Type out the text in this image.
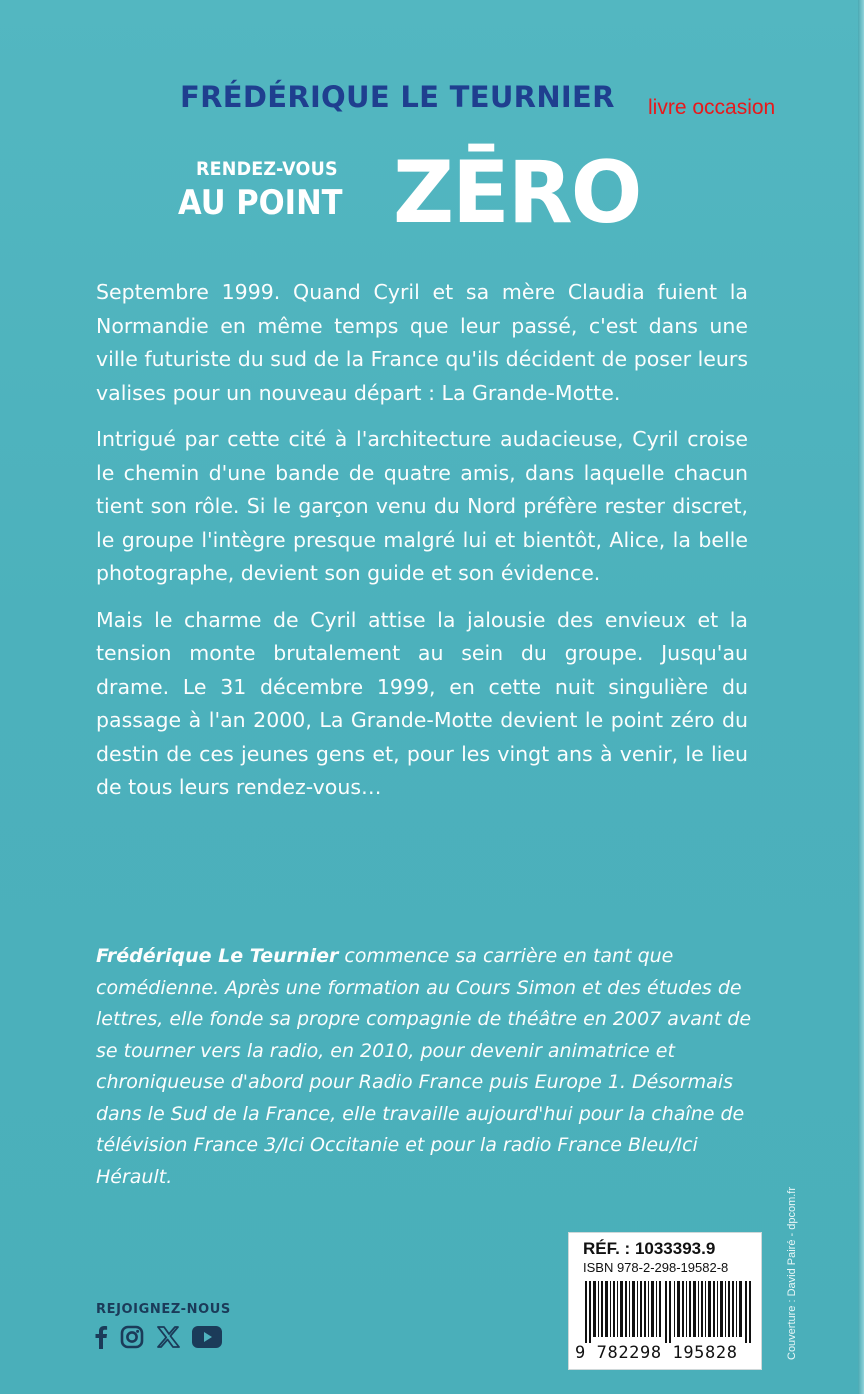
FRÉDÉRIQUE LE TEURNIER	livre occasion
RENDEZ-VOUS
AU POINT ZĒRO

Septembre 1999. Quand Cyril et sa mère Claudia fuient la Normandie en même temps que leur passé, c'est dans une ville futuriste du sud de la France qu'ils décident de poser leurs valises pour un nouveau départ : La Grande-Motte.

Intrigué par cette cité à l'architecture audacieuse, Cyril croise le chemin d'une bande de quatre amis, dans laquelle chacun tient son rôle. Si le garçon venu du Nord préfère rester discret, le groupe l'intègre presque malgré lui et bientôt, Alice, la belle photographe, devient son guide et son évidence.

Mais le charme de Cyril attise la jalousie des envieux et la tension monte brutalement au sein du groupe. Jusqu'au drame. Le 31 décembre 1999, en cette nuit singulière du passage à l'an 2000, La Grande-Motte devient le point zéro du destin de ces jeunes gens et, pour les vingt ans à venir, le lieu de tous leurs rendez-vous…

Frédérique Le Teurnier commence sa carrière en tant que comédienne. Après une formation au Cours Simon et des études de lettres, elle fonde sa propre compagnie de théâtre en 2007 avant de se tourner vers la radio, en 2010, pour devenir animatrice et chroniqueuse d'abord pour Radio France puis Europe 1. Désormais dans le Sud de la France, elle travaille aujourd'hui pour la chaîne de télévision France 3/Ici Occitanie et pour la radio France Bleu/Ici Hérault.
Couverture : David Pairé - dpcom.fr
RÉF. : 1033393.9
ISBN 978-2-298-19582-8
9 782298 195828
REJOIGNEZ-NOUS
